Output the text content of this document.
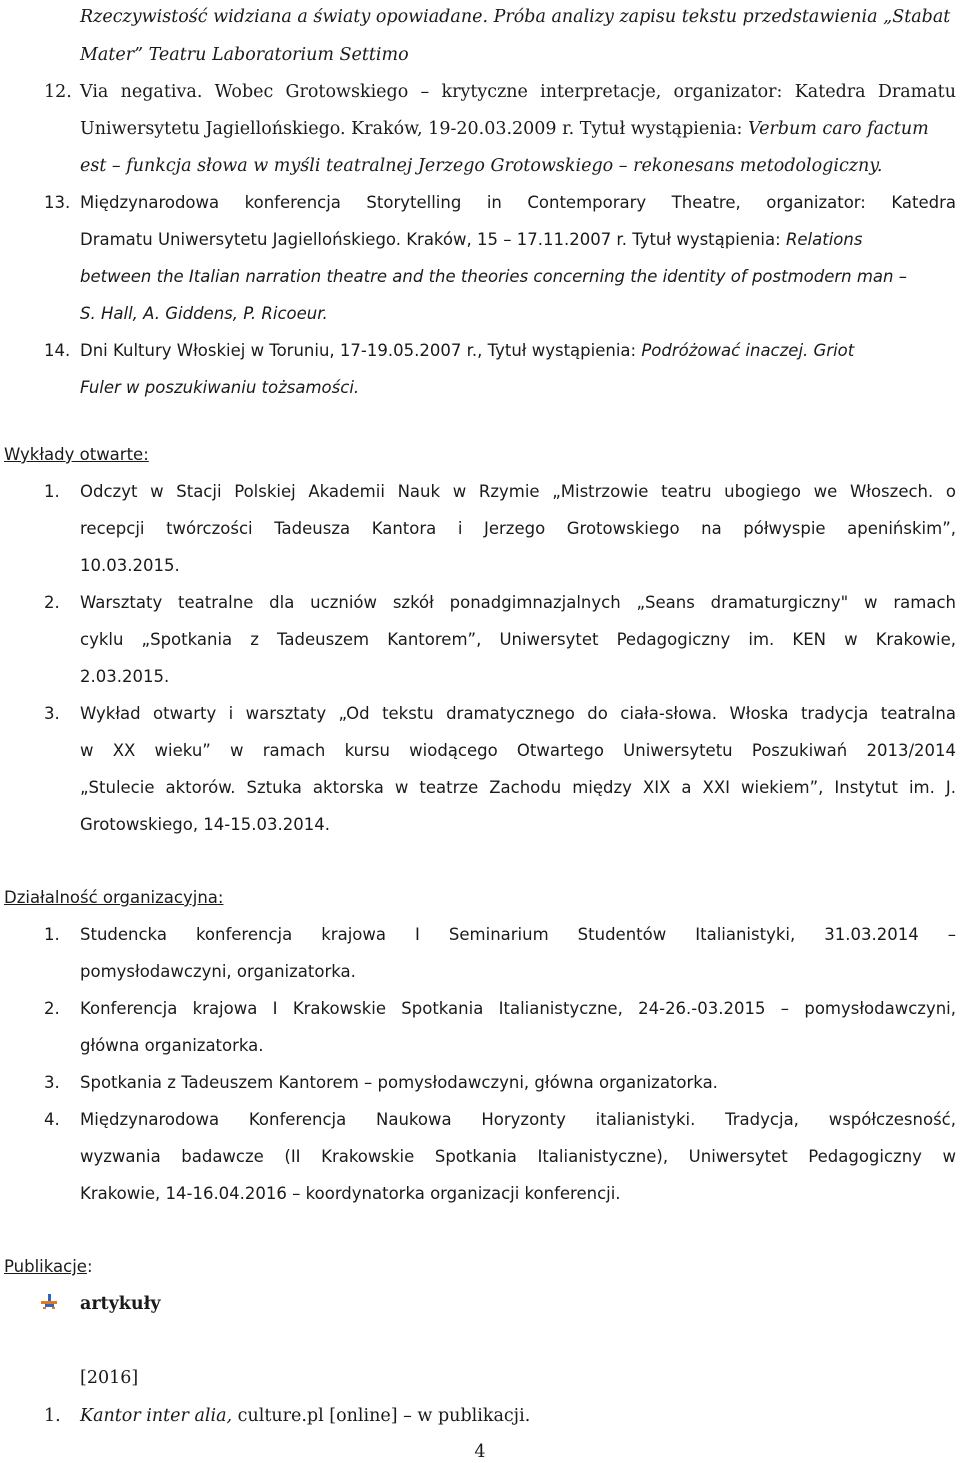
Rzeczywistość widziana a światy opowiadane. Próba analizy zapisu tekstu przedstawienia „Stabat
Mater” Teatru Laboratorium Settimo
12. Via negativa. Wobec Grotowskiego – krytyczne interpretacje, organizator: Katedra Dramatu
Uniwersytetu Jagiellońskiego. Kraków, 19-20.03.2009 r. Tytuł wystąpienia: Verbum caro factum
est – funkcja słowa w myśli teatralnej Jerzego Grotowskiego – rekonesans metodologiczny.
13. Międzynarodowa konferencja Storytelling in Contemporary Theatre, organizator: Katedra
Dramatu Uniwersytetu Jagiellońskiego. Kraków, 15 – 17.11.2007 r. Tytuł wystąpienia: Relations
between the Italian narration theatre and the theories concerning the identity of postmodern man –
S. Hall, A. Giddens, P. Ricoeur.
14. Dni Kultury Włoskiej w Toruniu, 17-19.05.2007 r., Tytuł wystąpienia: Podróżować inaczej. Griot
Fuler w poszukiwaniu tożsamości.
1. Odczyt w Stacji Polskiej Akademii Nauk w Rzymie „Mistrzowie teatru ubogiego we Włoszech. o
recepcji twórczości Tadeusza Kantora i Jerzego Grotowskiego na półwyspie apenińskim”,
10.03.2015.
2. Warsztaty teatralne dla uczniów szkół ponadgimnazjalnych „Seans dramaturgiczny" w ramach
cyklu „Spotkania z Tadeuszem Kantorem”, Uniwersytet Pedagogiczny im. KEN w Krakowie,
2.03.2015.
3. Wykład otwarty i warsztaty „Od tekstu dramatycznego do ciała-słowa. Włoska tradycja teatralna
w XX wieku” w ramach kursu wiodącego Otwartego Uniwersytetu Poszukiwań 2013/2014
„Stulecie aktorów. Sztuka aktorska w teatrze Zachodu między XIX a XXI wiekiem”, Instytut im. J.
Grotowskiego, 14-15.03.2014.
1. Studencka konferencja krajowa I Seminarium Studentów Italianistyki, 31.03.2014 –
pomysłodawczyni, organizatorka.
2. Konferencja krajowa I Krakowskie Spotkania Italianistyczne, 24-26.-03.2015 – pomysłodawczyni,
główna organizatorka.
3. Spotkania z Tadeuszem Kantorem – pomysłodawczyni, główna organizatorka.
4. Międzynarodowa Konferencja Naukowa Horyzonty italianistyki. Tradycja, współczesność,
wyzwania badawcze (II Krakowskie Spotkania Italianistyczne), Uniwersytet Pedagogiczny w
Krakowie, 14-16.04.2016 – koordynatorka organizacji konferencji.
artykuły
[2016]
1. Kantor inter alia, culture.pl [online] – w publikacji.
Wykłady otwarte:
Działalność organizacyjna:
Publikacje :
4
